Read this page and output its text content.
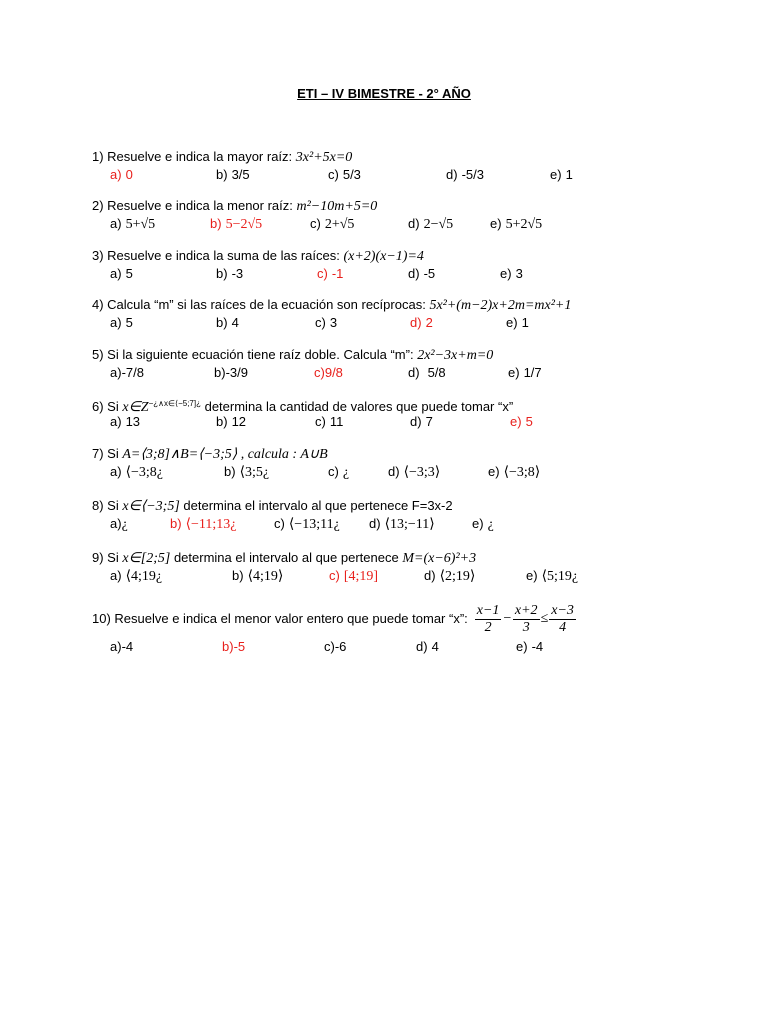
ETI – IV BIMESTRE - 2° AÑO
1) Resuelve e indica la mayor raíz: 3x²+5x=0
a) 0	b) 3/5	c) 5/3	d) -5/3	e) 1
2) Resuelve e indica la menor raíz: m²−10m+5=0
a) 5+√5	b) 5−2√5	c) 2+√5	d) 2−√5	e) 5+2√5
3) Resuelve e indica la suma de las raíces: (x+2)(x−1)=4
a) 5	b) -3	c) -1	d) -5	e) 3
4) Calcula “m” si las raíces de la ecuación son recíprocas: 5x²+(m−2)x+2m=mx²+1
a) 5	b) 4	c) 3	d) 2	e) 1
5) Si la siguiente ecuación tiene raíz doble. Calcula “m”: 2x²−3x+m=0
a)-7/8	b)-3/9	c)9/8	d) 5/8	e) 1/7
6) Si $x\in Z^{-¿\wedge x\in⟨-5;7]¿}$ determina la cantidad de valores que puede tomar “x”
a) 13	b) 12	c) 11	d) 7	e) 5
7) Si A=⟨3;8]∧B=⟨−3;5⟩ , calcula : A∪B
a) ⟨−3;8¿	b) ⟨3;5¿	c) ¿	d) ⟨−3;3⟩	e) ⟨−3;8⟩
8) Si x∈⟨−3;5] determina el intervalo al que pertenece F=3x-2
a)¿	b) ⟨−11;13¿	c) ⟨−13;11¿ d) ⟨13;−11⟩	e) ¿
9) Si x∈[2;5] determina el intervalo al que pertenece M=(x−6)²+3
a) ⟨4;19¿	b) ⟨4;19⟩	c) [4;19]	d) ⟨2;19⟩	e) ⟨5;19¿
10) Resuelve e indica el menor valor entero que puede tomar “x”: $\frac{x-1}{2} - \frac{x+2}{3} \le \frac{x-3}{4}$
a)-4	b)-5	c)-6	d) 4	e) -4
